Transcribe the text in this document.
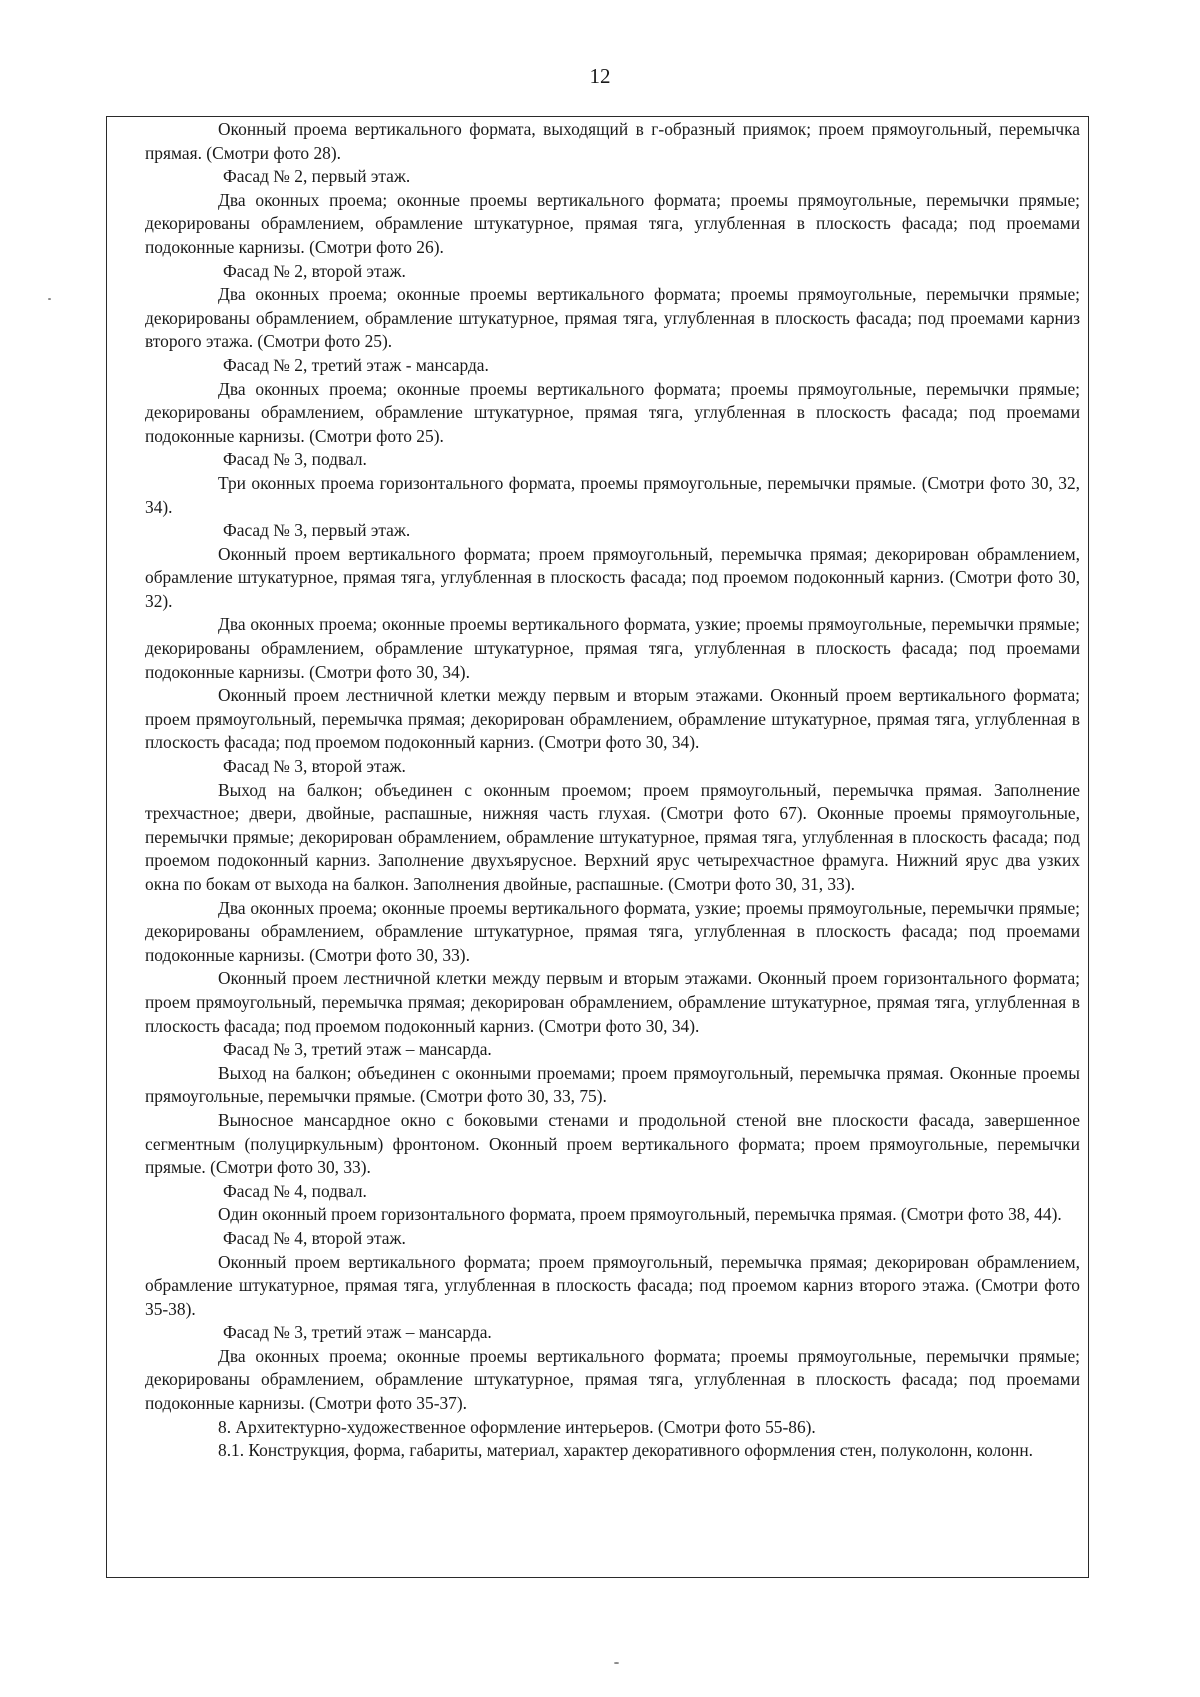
12

Оконный проема вертикального формата, выходящий в г-образный приямок; проем прямоугольный, перемычка прямая. (Смотри фото 28).

Фасад № 2, первый этаж.

Два оконных проема; оконные проемы вертикального формата; проемы прямоугольные, перемычки прямые; декорированы обрамлением, обрамление штукатурное, прямая тяга, углубленная в плоскость фасада; под проемами подоконные карнизы. (Смотри фото 26).

Фасад № 2, второй этаж.

Два оконных проема; оконные проемы вертикального формата; проемы прямоугольные, перемычки прямые; декорированы обрамлением, обрамление штукатурное, прямая тяга, углубленная в плоскость фасада; под проемами карниз второго этажа. (Смотри фото 25).

Фасад № 2, третий этаж - мансарда.

Два оконных проема; оконные проемы вертикального формата; проемы прямоугольные, перемычки прямые; декорированы обрамлением, обрамление штукатурное, прямая тяга, углубленная в плоскость фасада; под проемами подоконные карнизы. (Смотри фото 25).

Фасад № 3, подвал.

Три оконных проема горизонтального формата, проемы прямоугольные, перемычки прямые. (Смотри фото 30, 32, 34).

Фасад № 3, первый этаж.

Оконный проем вертикального формата; проем прямоугольный, перемычка прямая; декорирован обрамлением, обрамление штукатурное, прямая тяга, углубленная в плоскость фасада; под проемом подоконный карниз. (Смотри фото 30, 32).

Два оконных проема; оконные проемы вертикального формата, узкие; проемы прямоугольные, перемычки прямые; декорированы обрамлением, обрамление штукатурное, прямая тяга, углубленная в плоскость фасада; под проемами подоконные карнизы. (Смотри фото 30, 34).

Оконный проем лестничной клетки между первым и вторым этажами. Оконный проем вертикального формата; проем прямоугольный, перемычка прямая; декорирован обрамлением, обрамление штукатурное, прямая тяга, углубленная в плоскость фасада; под проемом подоконный карниз. (Смотри фото 30, 34).

Фасад № 3, второй этаж.

Выход на балкон; объединен с оконным проемом; проем прямоугольный, перемычка прямая. Заполнение трехчастное; двери, двойные, распашные, нижняя часть глухая. (Смотри фото 67). Оконные проемы прямоугольные, перемычки прямые; декорирован обрамлением, обрамление штукатурное, прямая тяга, углубленная в плоскость фасада; под проемом подоконный карниз. Заполнение двухъярусное. Верхний ярус четырехчастное фрамуга. Нижний ярус два узких окна по бокам от выхода на балкон. Заполнения двойные, распашные. (Смотри фото 30, 31, 33).

Два оконных проема; оконные проемы вертикального формата, узкие; проемы прямоугольные, перемычки прямые; декорированы обрамлением, обрамление штукатурное, прямая тяга, углубленная в плоскость фасада; под проемами подоконные карнизы. (Смотри фото 30, 33).

Оконный проем лестничной клетки между первым и вторым этажами. Оконный проем горизонтального формата; проем прямоугольный, перемычка прямая; декорирован обрамлением, обрамление штукатурное, прямая тяга, углубленная в плоскость фасада; под проемом подоконный карниз. (Смотри фото 30, 34).

Фасад № 3, третий этаж – мансарда.

Выход на балкон; объединен с оконными проемами; проем прямоугольный, перемычка прямая. Оконные проемы прямоугольные, перемычки прямые. (Смотри фото 30, 33, 75).

Выносное мансардное окно с боковыми стенами и продольной стеной вне плоскости фасада, завершенное сегментным (полуциркульным) фронтоном. Оконный проем вертикального формата; проем прямоугольные, перемычки прямые. (Смотри фото 30, 33).

Фасад № 4, подвал.

Один оконный проем горизонтального формата, проем прямоугольный, перемычка прямая. (Смотри фото 38, 44).

Фасад № 4, второй этаж.

Оконный проем вертикального формата; проем прямоугольный, перемычка прямая; декорирован обрамлением, обрамление штукатурное, прямая тяга, углубленная в плоскость фасада; под проемом карниз второго этажа. (Смотри фото 35-38).

Фасад № 3, третий этаж – мансарда.

Два оконных проема; оконные проемы вертикального формата; проемы прямоугольные, перемычки прямые; декорированы обрамлением, обрамление штукатурное, прямая тяга, углубленная в плоскость фасада; под проемами подоконные карнизы. (Смотри фото 35-37).

8. Архитектурно-художественное оформление интерьеров. (Смотри фото 55-86).

8.1. Конструкция, форма, габариты, материал, характер декоративного оформления стен, полуколонн, колонн.
